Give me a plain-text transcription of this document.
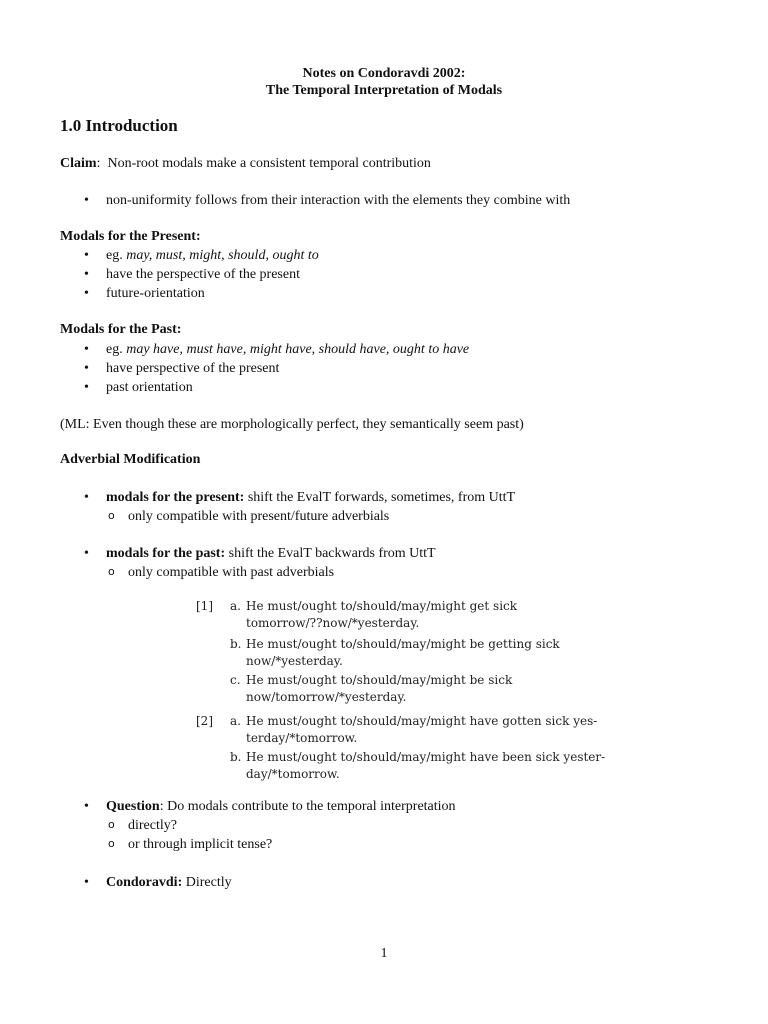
Notes on Condoravdi 2002:
The Temporal Interpretation of Modals
1.0 Introduction
Claim:  Non-root modals make a consistent temporal contribution
• non-uniformity follows from their interaction with the elements they combine with
Modals for the Present:
• eg. may, must, might, should, ought to
• have the perspective of the present
• future-orientation
Modals for the Past:
• eg. may have, must have, might have, should have, ought to have
• have perspective of the present
• past orientation
(ML: Even though these are morphologically perfect, they semantically seem past)
Adverbial Modification
• modals for the present: shift the EvalT forwards, sometimes, from UttT
o only compatible with present/future adverbials
• modals for the past: shift the EvalT backwards from UttT
o only compatible with past adverbials
[1] a. He must/ought to/should/may/might get sick
tomorrow/??now/*yesterday.
b. He must/ought to/should/may/might be getting sick
now/*yesterday.
c. He must/ought to/should/may/might be sick
now/tomorrow/*yesterday.
[2] a. He must/ought to/should/may/might have gotten sick yes-
terday/*tomorrow.
b. He must/ought to/should/may/might have been sick yester-
day/*tomorrow.
• Question: Do modals contribute to the temporal interpretation
o directly?
o or through implicit tense?
• Condoravdi: Directly
1
